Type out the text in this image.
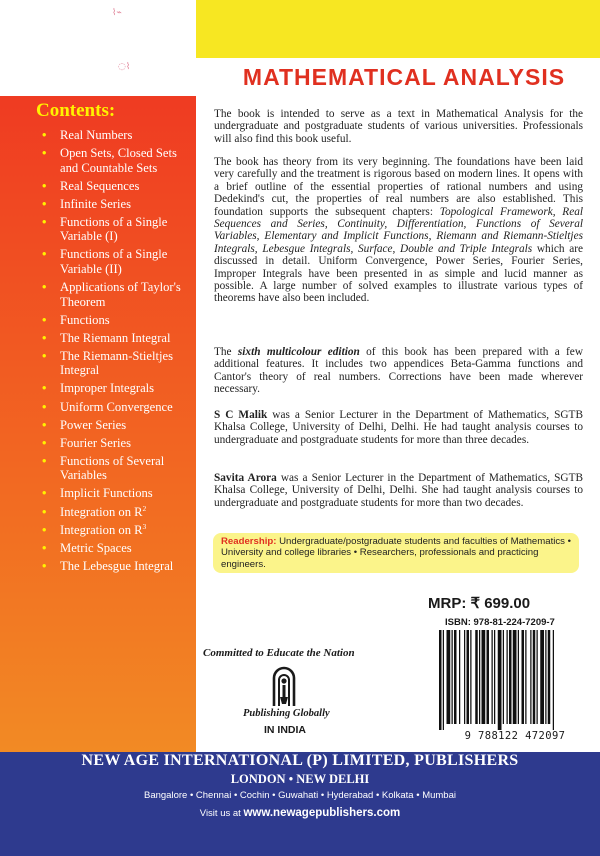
⌇⌁
◌⌇	MATHEMATICAL ANALYSIS
Contents:
• Real Numbers
• Open Sets, Closed Sets and Countable Sets
• Real Sequences
• Infinite Series
• Functions of a Single Variable (I)
• Functions of a Single Variable (II)
• Applications of Taylor's Theorem
• Functions
• The Riemann Integral
• The Riemann-Stieltjes Integral
• Improper Integrals
• Uniform Convergence
• Power Series
• Fourier Series
• Functions of Several Variables
• Implicit Functions
• Integration on $R^2$
• Integration on $R^3$
• Metric Spaces
• The Lebesgue Integral

The book is intended to serve as a text in Mathematical Analysis for the undergraduate and postgraduate students of various universities. Professionals will also find this book useful.

The book has theory from its very beginning. The foundations have been laid very carefully and the treatment is rigorous based on modern lines. It opens with a brief outline of the essential properties of rational numbers and using Dedekind's cut, the properties of real numbers are also established. This foundation supports the subsequent chapters: Topological Framework, Real Sequences and Series, Continuity, Differentiation, Functions of Several Variables, Elementary and Implicit Functions, Riemann and Riemann-Stieltjes Integrals, Lebesgue Integrals, Surface, Double and Triple Integrals which are discussed in detail. Uniform Convergence, Power Series, Fourier Series, Improper Integrals have been presented in as simple and lucid manner as possible. A large number of solved examples to illustrate various types of theorems have also been included.

The sixth multicolour edition of this book has been prepared with a few additional features. It includes two appendices Beta-Gamma functions and Cantor's theory of real numbers. Corrections have been made wherever necessary.

S C Malik was a Senior Lecturer in the Department of Mathematics, SGTB Khalsa College, University of Delhi, Delhi. He had taught analysis courses to undergraduate and postgraduate students for more than three decades.

Savita Arora was a Senior Lecturer in the Department of Mathematics, SGTB Khalsa College, University of Delhi, Delhi. She had taught analysis courses to undergraduate and postgraduate students for more than two decades.

Readership: Undergraduate/postgraduate students and faculties of Mathematics • University and college libraries • Researchers, professionals and practicing engineers.
MRP: ₹ 699.00
ISBN: 978-81-224-7209-7
9 788122 472097
Committed to Educate the Nation
Publishing Globally
IN INDIA
NEW AGE INTERNATIONAL (P) LIMITED, PUBLISHERS
LONDON • NEW DELHI
Bangalore • Chennai • Cochin • Guwahati • Hyderabad • Kolkata • Mumbai
Visit us at www.newagepublishers.com
